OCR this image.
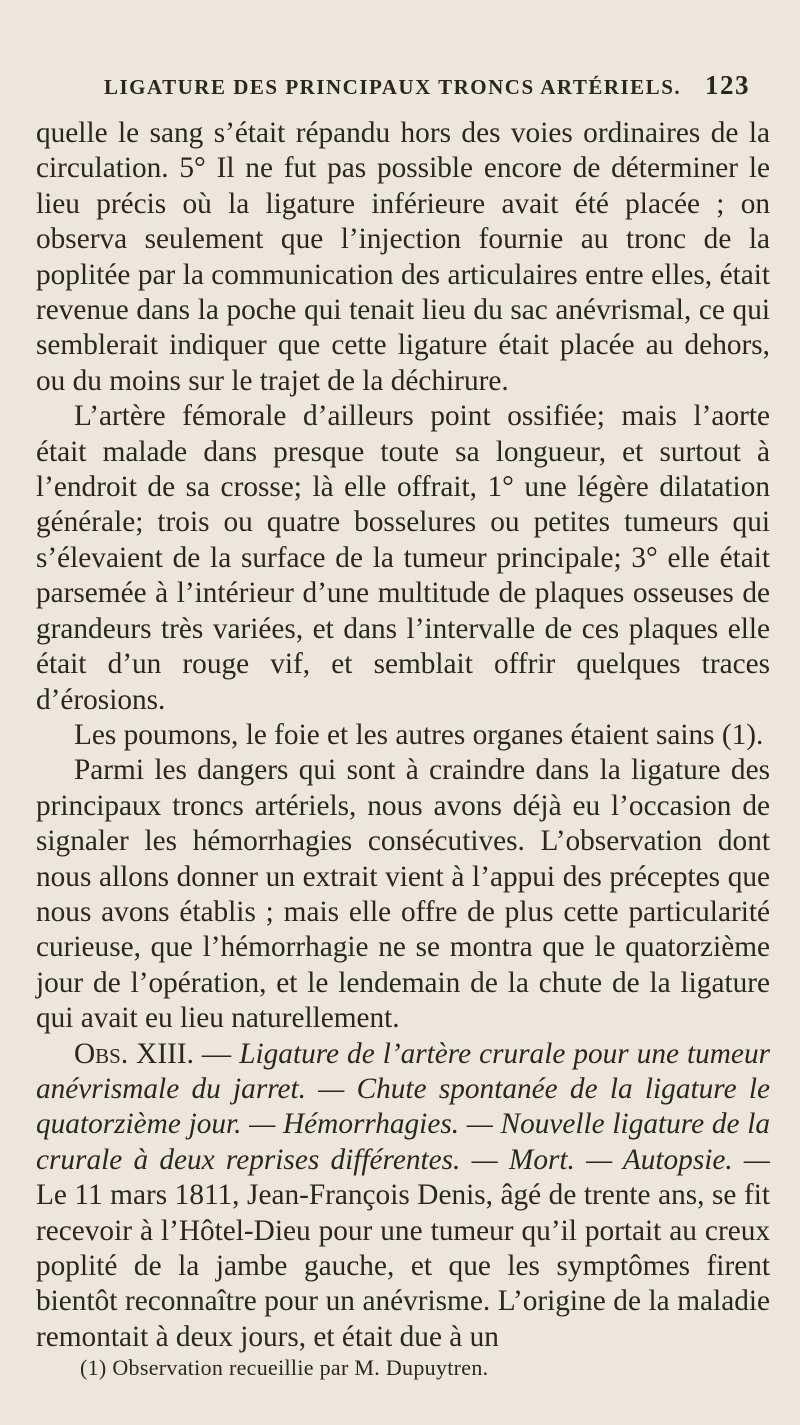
LIGATURE DES PRINCIPAUX TRONCS ARTÉRIELS. 123

quelle le sang s’était répandu hors des voies ordinaires de la circulation. 5° Il ne fut pas possible encore de déterminer le lieu précis où la ligature inférieure avait été placée ; on observa seulement que l’injection fournie au tronc de la poplitée par la communication des articulaires entre elles, était revenue dans la poche qui tenait lieu du sac anévrismal, ce qui semblerait indiquer que cette ligature était placée au dehors, ou du moins sur le trajet de la déchirure.

L’artère fémorale d’ailleurs point ossifiée; mais l’aorte était malade dans presque toute sa longueur, et surtout à l’endroit de sa crosse; là elle offrait, 1° une légère dilatation générale; trois ou quatre bosselures ou petites tumeurs qui s’élevaient de la surface de la tumeur principale; 3° elle était parsemée à l’intérieur d’une multitude de plaques osseuses de grandeurs très variées, et dans l’intervalle de ces plaques elle était d’un rouge vif, et semblait offrir quelques traces d’érosions.

Les poumons, le foie et les autres organes étaient sains (1).

Parmi les dangers qui sont à craindre dans la ligature des principaux troncs artériels, nous avons déjà eu l’occasion de signaler les hémorrhagies consécutives. L’observation dont nous allons donner un extrait vient à l’appui des préceptes que nous avons établis ; mais elle offre de plus cette particularité curieuse, que l’hémorrhagie ne se montra que le quatorzième jour de l’opération, et le lendemain de la chute de la ligature qui avait eu lieu naturellement.

Obs. XIII. — Ligature de l’artère crurale pour une tumeur anévrismale du jarret. — Chute spontanée de la ligature le quatorzième jour. — Hémorrhagies. — Nouvelle ligature de la crurale à deux reprises différentes. — Mort. — Autopsie. — Le 11 mars 1811, Jean-François Denis, âgé de trente ans, se fit recevoir à l’Hôtel-Dieu pour une tumeur qu’il portait au creux poplité de la jambe gauche, et que les symptômes firent bientôt reconnaître pour un anévrisme. L’origine de la maladie remontait à deux jours, et était due à un

(1) Observation recueillie par M. Dupuytren.
